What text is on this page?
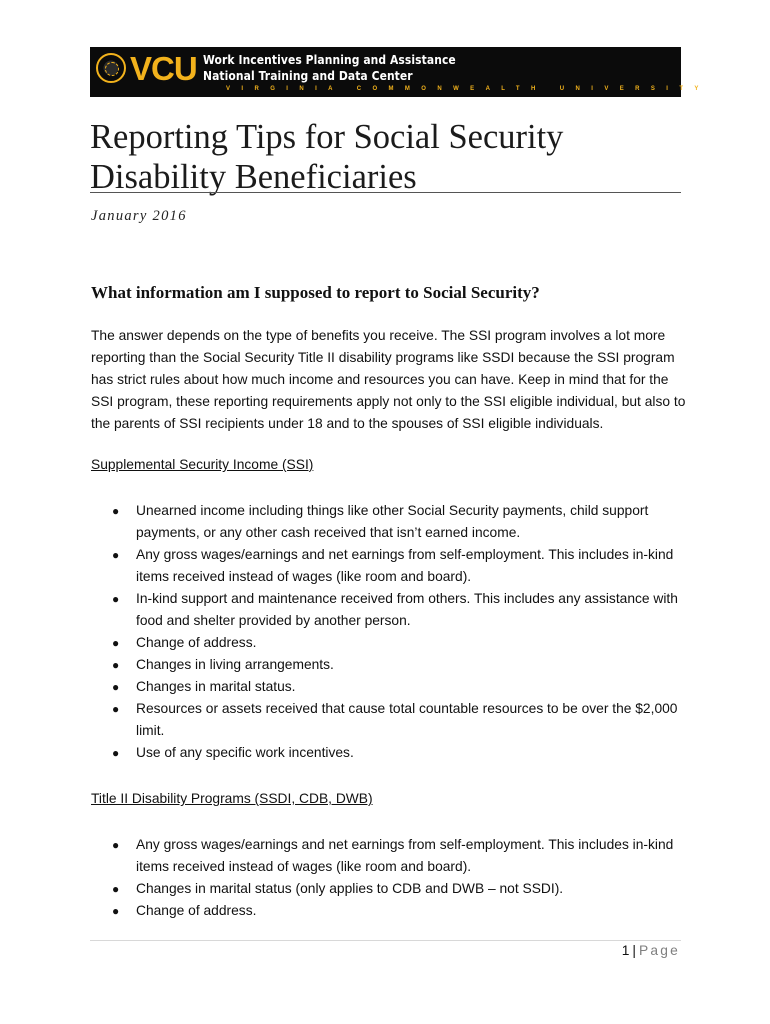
VCU Work Incentives Planning and Assistance
National Training and Data Center
VIRGINIA COMMONWEALTH UNIVERSITY
Reporting Tips for Social Security Disability Beneficiaries
January 2016
What information am I supposed to report to Social Security?

The answer depends on the type of benefits you receive. The SSI program involves a lot more reporting than the Social Security Title II disability programs like SSDI because the SSI program has strict rules about how much income and resources you can have. Keep in mind that for the SSI program, these reporting requirements apply not only to the SSI eligible individual, but also to the parents of SSI recipients under 18 and to the spouses of SSI eligible individuals.

Supplemental Security Income (SSI)
● Unearned income including things like other Social Security payments, child support payments, or any other cash received that isn’t earned income.
● Any gross wages/earnings and net earnings from self-employment. This includes in-kind items received instead of wages (like room and board).
● In-kind support and maintenance received from others. This includes any assistance with food and shelter provided by another person.
● Change of address.
● Changes in living arrangements.
● Changes in marital status.
● Resources or assets received that cause total countable resources to be over the $2,000 limit.
● Use of any specific work incentives.
Title II Disability Programs (SSDI, CDB, DWB)
● Any gross wages/earnings and net earnings from self-employment. This includes in-kind items received instead of wages (like room and board).
● Changes in marital status (only applies to CDB and DWB – not SSDI).
● Change of address.
1 | Page
